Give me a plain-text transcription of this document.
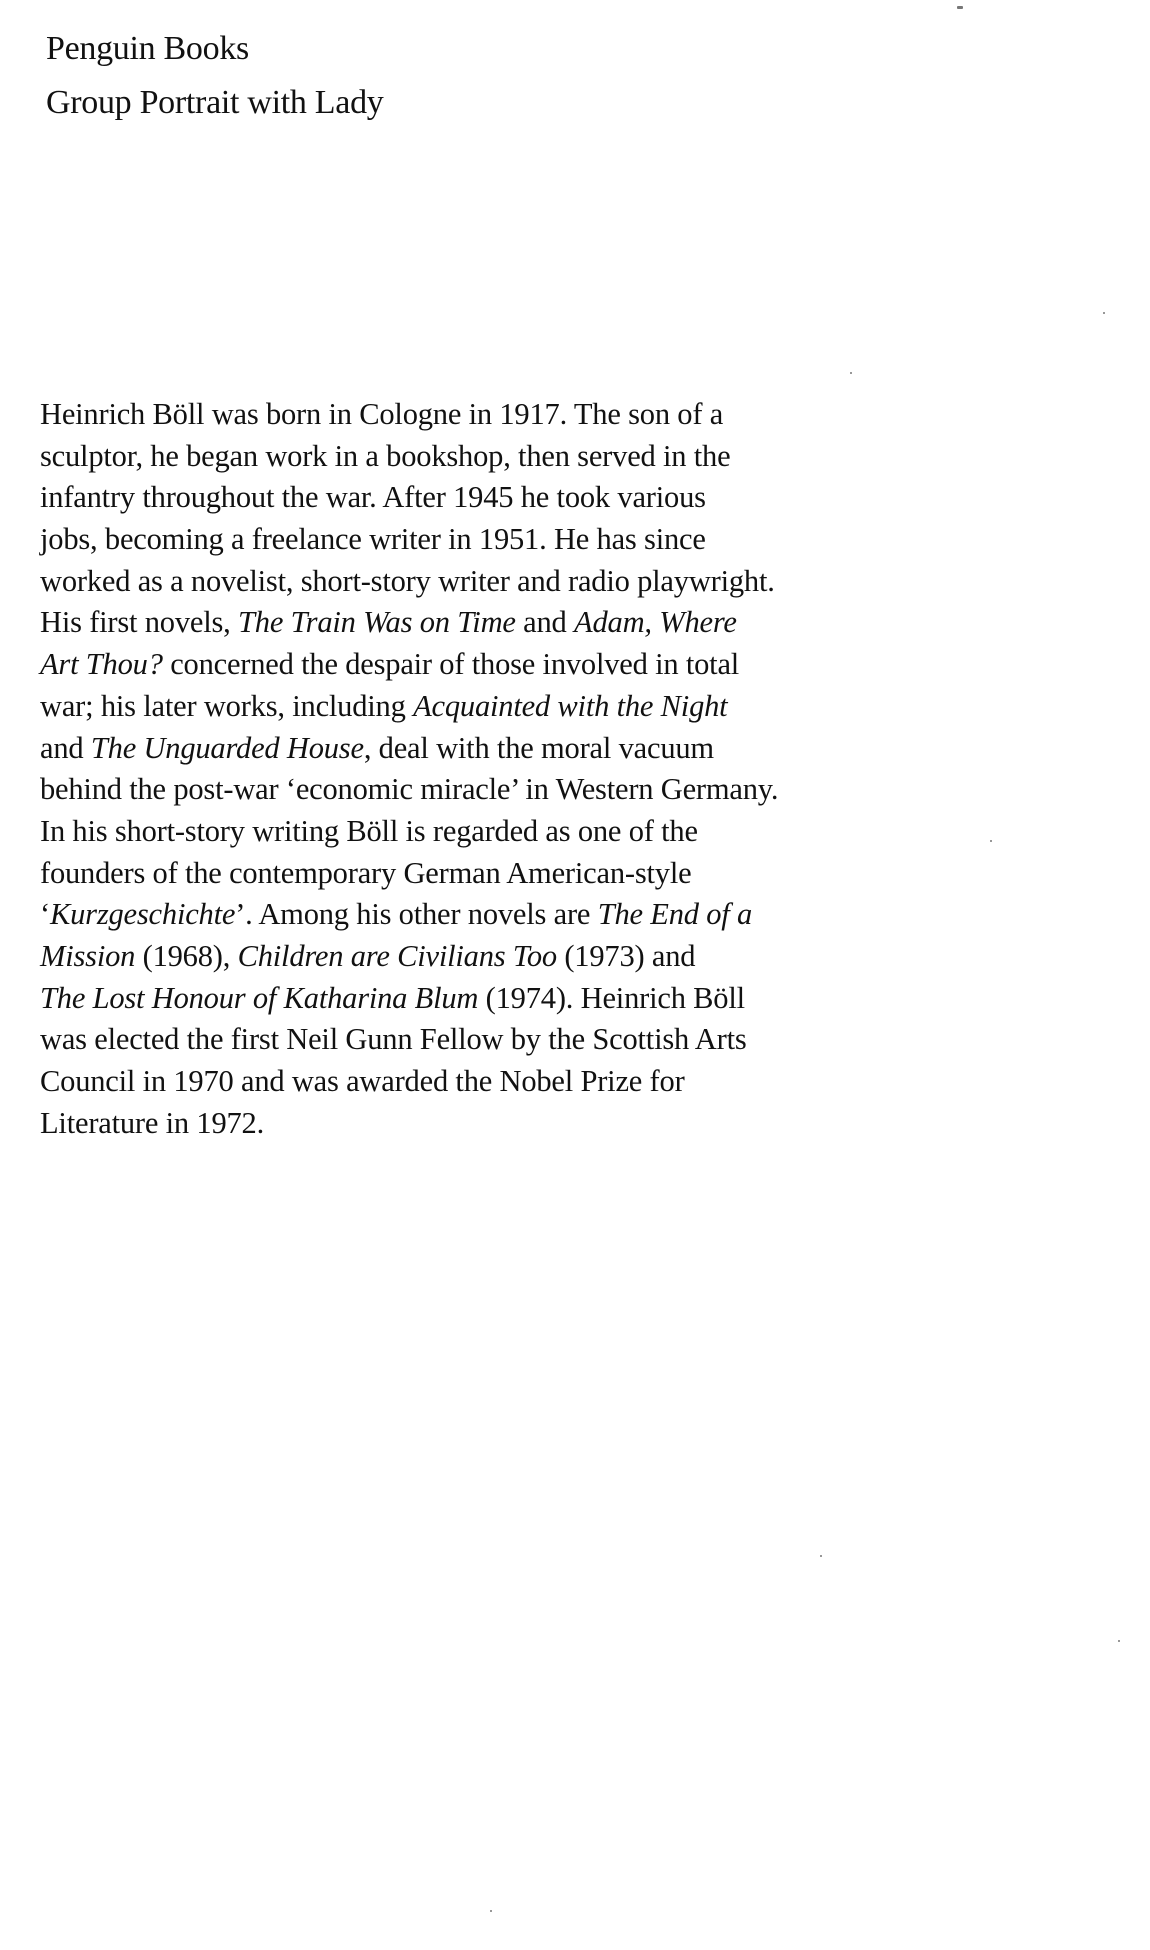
Penguin Books
Group Portrait with Lady
Heinrich Böll was born in Cologne in 1917. The son of a
sculptor, he began work in a bookshop, then served in the
infantry throughout the war. After 1945 he took various
jobs, becoming a freelance writer in 1951. He has since
worked as a novelist, short-story writer and radio playwright.
His first novels, The Train Was on Time and Adam, Where
Art Thou? concerned the despair of those involved in total
war; his later works, including Acquainted with the Night
and The Unguarded House, deal with the moral vacuum
behind the post-war ‘economic miracle’ in Western Germany.
In his short-story writing Böll is regarded as one of the
founders of the contemporary German American-style
‘Kurzgeschichte’. Among his other novels are The End of a
Mission (1968), Children are Civilians Too (1973) and
The Lost Honour of Katharina Blum (1974). Heinrich Böll
was elected the first Neil Gunn Fellow by the Scottish Arts
Council in 1970 and was awarded the Nobel Prize for
Literature in 1972.
